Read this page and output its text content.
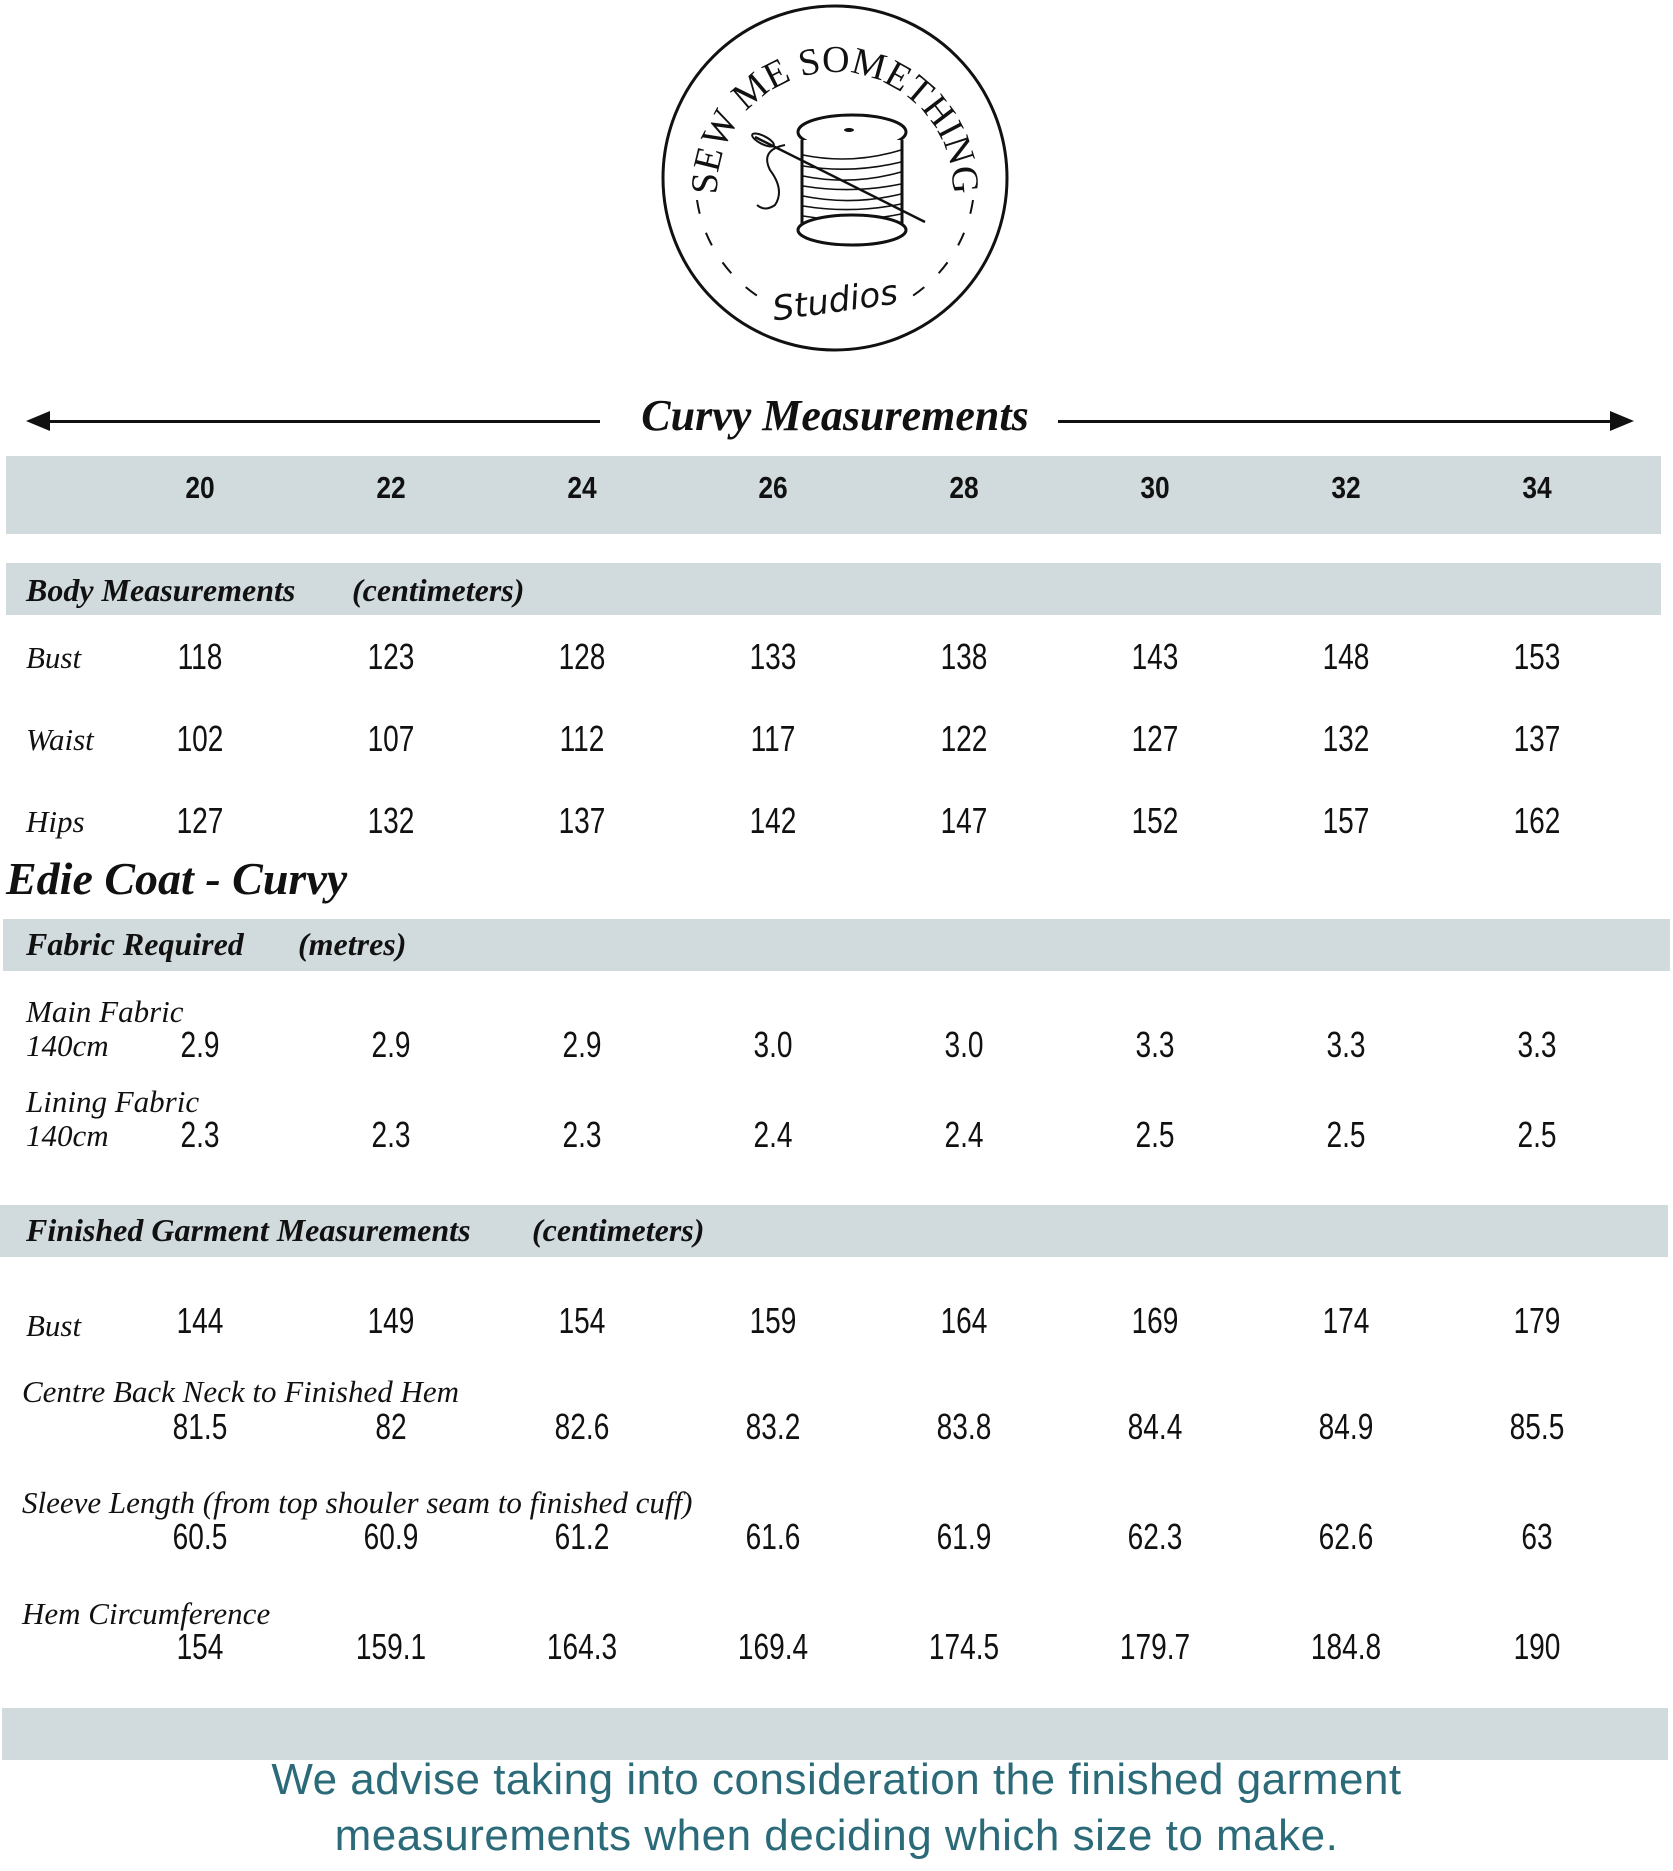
SEW ME SOMETHING
Studios
Curvy Measurements
20	22	24	26	28	30	32	34
Body Measurements (centimeters)
Bust	118	123	128	133	138	143	148	153
Waist	102	107	112	117	122	127	132	137
Hips	127	132	137	142	147	152	157	162
Edie Coat - Curvy
Fabric Required (metres)
Main Fabric
140cm	2.9	2.9	2.9	3.0	3.0	3.3	3.3	3.3
Lining Fabric
140cm	2.3	2.3	2.3	2.4	2.4	2.5	2.5	2.5
Finished Garment Measurements (centimeters)
Bust	144	149	154	159	164	169	174	179
Centre Back Neck to Finished Hem
81.5	82	82.6	83.2	83.8	84.4	84.9	85.5
Sleeve Length (from top shouler seam to finished cuff)
60.5	60.9	61.2	61.6	61.9	62.3	62.6	63
Hem Circumference
154	159.1	164.3	169.4	174.5	179.7	184.8	190
We advise taking into consideration the finished garment
measurements when deciding which size to make.
